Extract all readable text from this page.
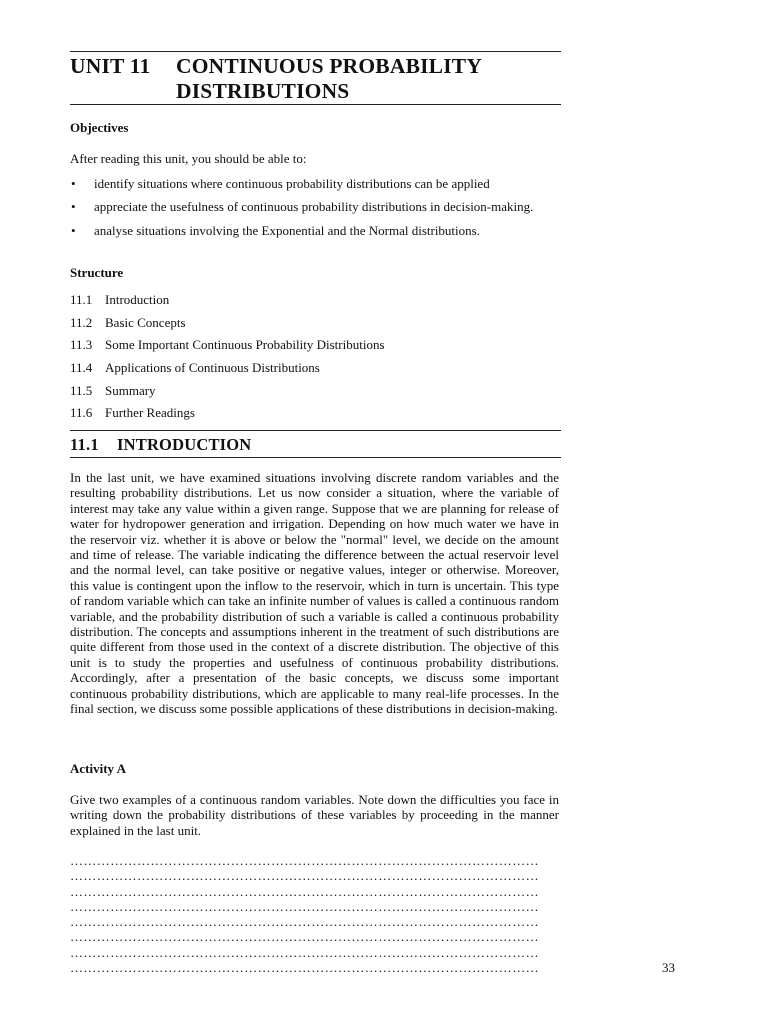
UNIT 11	CONTINUOUS PROBABILITY
DISTRIBUTIONS
Objectives
After reading this unit, you should be able to:
• identify situations where continuous probability distributions can be applied
• appreciate the usefulness of continuous probability distributions in decision-making.
• analyse situations involving the Exponential and the Normal distributions.
Structure
11.1 Introduction
11.2 Basic Concepts
11.3 Some Important Continuous Probability Distributions
11.4 Applications of Continuous Distributions
11.5 Summary
11.6 Further Readings
11.1	INTRODUCTION
In the last unit, we have examined situations involving discrete random variables and the resulting probability distributions. Let us now consider a situation, where the variable of interest may take any value within a given range. Suppose that we are planning for release of water for hydropower generation and irrigation. Depending on how much water we have in the reservoir viz. whether it is above or below the "normal" level, we decide on the amount and time of release. The variable indicating the difference between the actual reservoir level and the normal level, can take positive or negative values, integer or otherwise. Moreover, this value is contingent upon the inflow to the reservoir, which in turn is uncertain. This type of random variable which can take an infinite number of values is called a continuous random variable, and the probability distribution of such a variable is called a continuous probability distribution. The concepts and assumptions inherent in the treatment of such distributions are quite different from those used in the context of a discrete distribution. The objective of this unit is to study the properties and usefulness of continuous probability distributions. Accordingly, after a presentation of the basic concepts, we discuss some important continuous probability distributions, which are applicable to many real-life processes. In the final section, we discuss some possible applications of these distributions in decision-making.
Activity A
Give two examples of a continuous random variables. Note down the difficulties you face in writing down the probability distributions of these variables by proceeding in the manner explained in the last unit.
……………………………………………………………………………………………
……………………………………………………………………………………………
……………………………………………………………………………………………
……………………………………………………………………………………………
……………………………………………………………………………………………
……………………………………………………………………………………………
……………………………………………………………………………………………
……………………………………………………………………………………………	33
